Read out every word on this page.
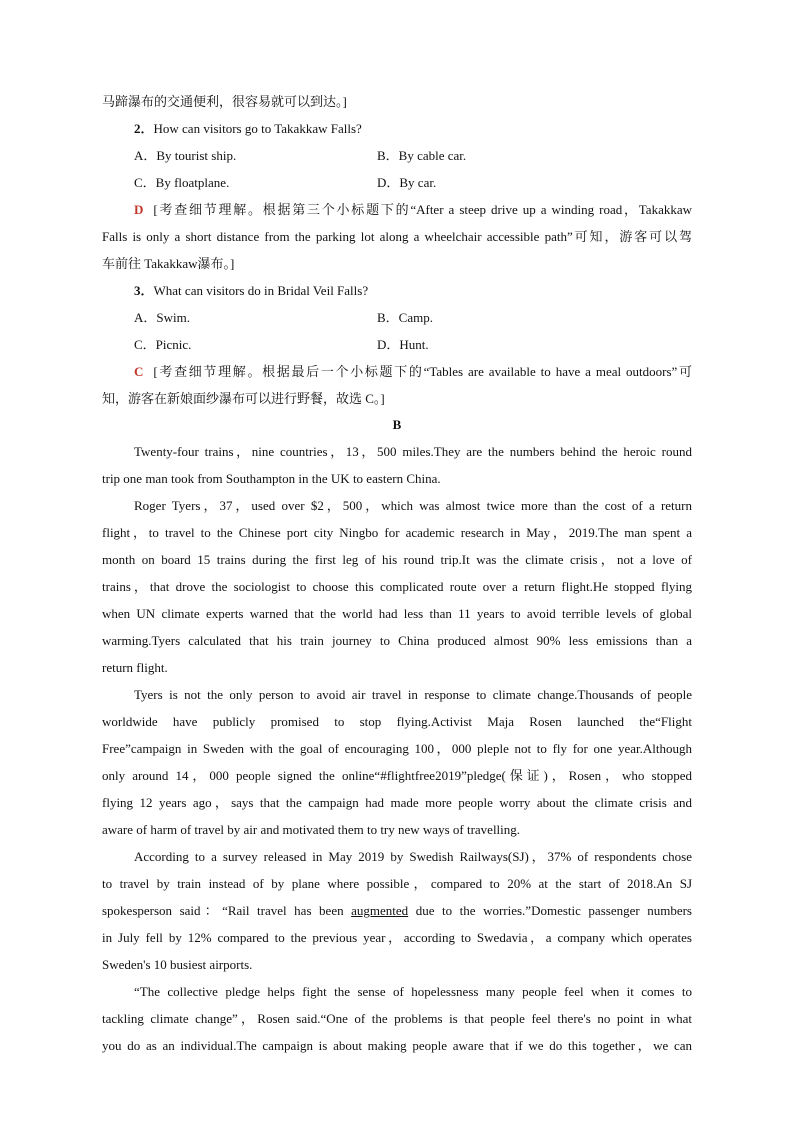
马蹄瀑布的交通便利，很容易就可以到达。]
2．How can visitors go to Takakkaw Falls?
A．By tourist ship.	B．By cable car.
C．By floatplane.	D．By car.
D [考查细节理解。根据第三个小标题下的“After a steep drive up a winding road，Takakkaw
Falls is only a short distance from the parking lot along a wheelchair accessible path”可知，游客可以驾
车前往 Takakkaw瀑布。]
3．What can visitors do in Bridal Veil Falls?
A．Swim.	B．Camp.
C．Picnic.	D．Hunt.
C [考查细节理解。根据最后一个小标题下的“Tables are available to have a meal outdoors”可
知，游客在新娘面纱瀑布可以进行野餐，故选 C。]
B
Twenty-four trains，nine countries，13，500 miles.They are the numbers behind the heroic round
trip one man took from Southampton in the UK to eastern China.
Roger Tyers，37，used over $2，500，which was almost twice more than the cost of a return
flight，to travel to the Chinese port city Ningbo for academic research in May，2019.The man spent a
month on board 15 trains during the first leg of his round trip.It was the climate crisis，not a love of
trains，that drove the sociologist to choose this complicated route over a return flight.He stopped flying
when UN climate experts warned that the world had less than 11 years to avoid terrible levels of global
warming.Tyers calculated that his train journey to China produced almost 90% less emissions than a
return flight.
Tyers is not the only person to avoid air travel in response to climate change.Thousands of people
worldwide have publicly promised to stop flying.Activist Maja Rosen launched the“Flight
Free”campaign in Sweden with the goal of encouraging 100，000 pleple not to fly for one year.Although
only around 14，000 people signed the online“#flightfree2019”pledge(保证)，Rosen，who stopped
flying 12 years ago，says that the campaign had made more people worry about the climate crisis and
aware of harm of travel by air and motivated them to try new ways of travelling.
According to a survey released in May 2019 by Swedish Railways(SJ)，37% of respondents chose
to travel by train instead of by plane where possible，compared to 20% at the start of 2018.An SJ
spokesperson said：“Rail travel has been augmented due to the worries.”Domestic passenger numbers
in July fell by 12% compared to the previous year，according to Swedavia，a company which operates
Sweden's 10 busiest airports.
“The collective pledge helps fight the sense of hopelessness many people feel when it comes to
tackling climate change”，Rosen said.“One of the problems is that people feel there's no point in what
you do as an individual.The campaign is about making people aware that if we do this together，we can
